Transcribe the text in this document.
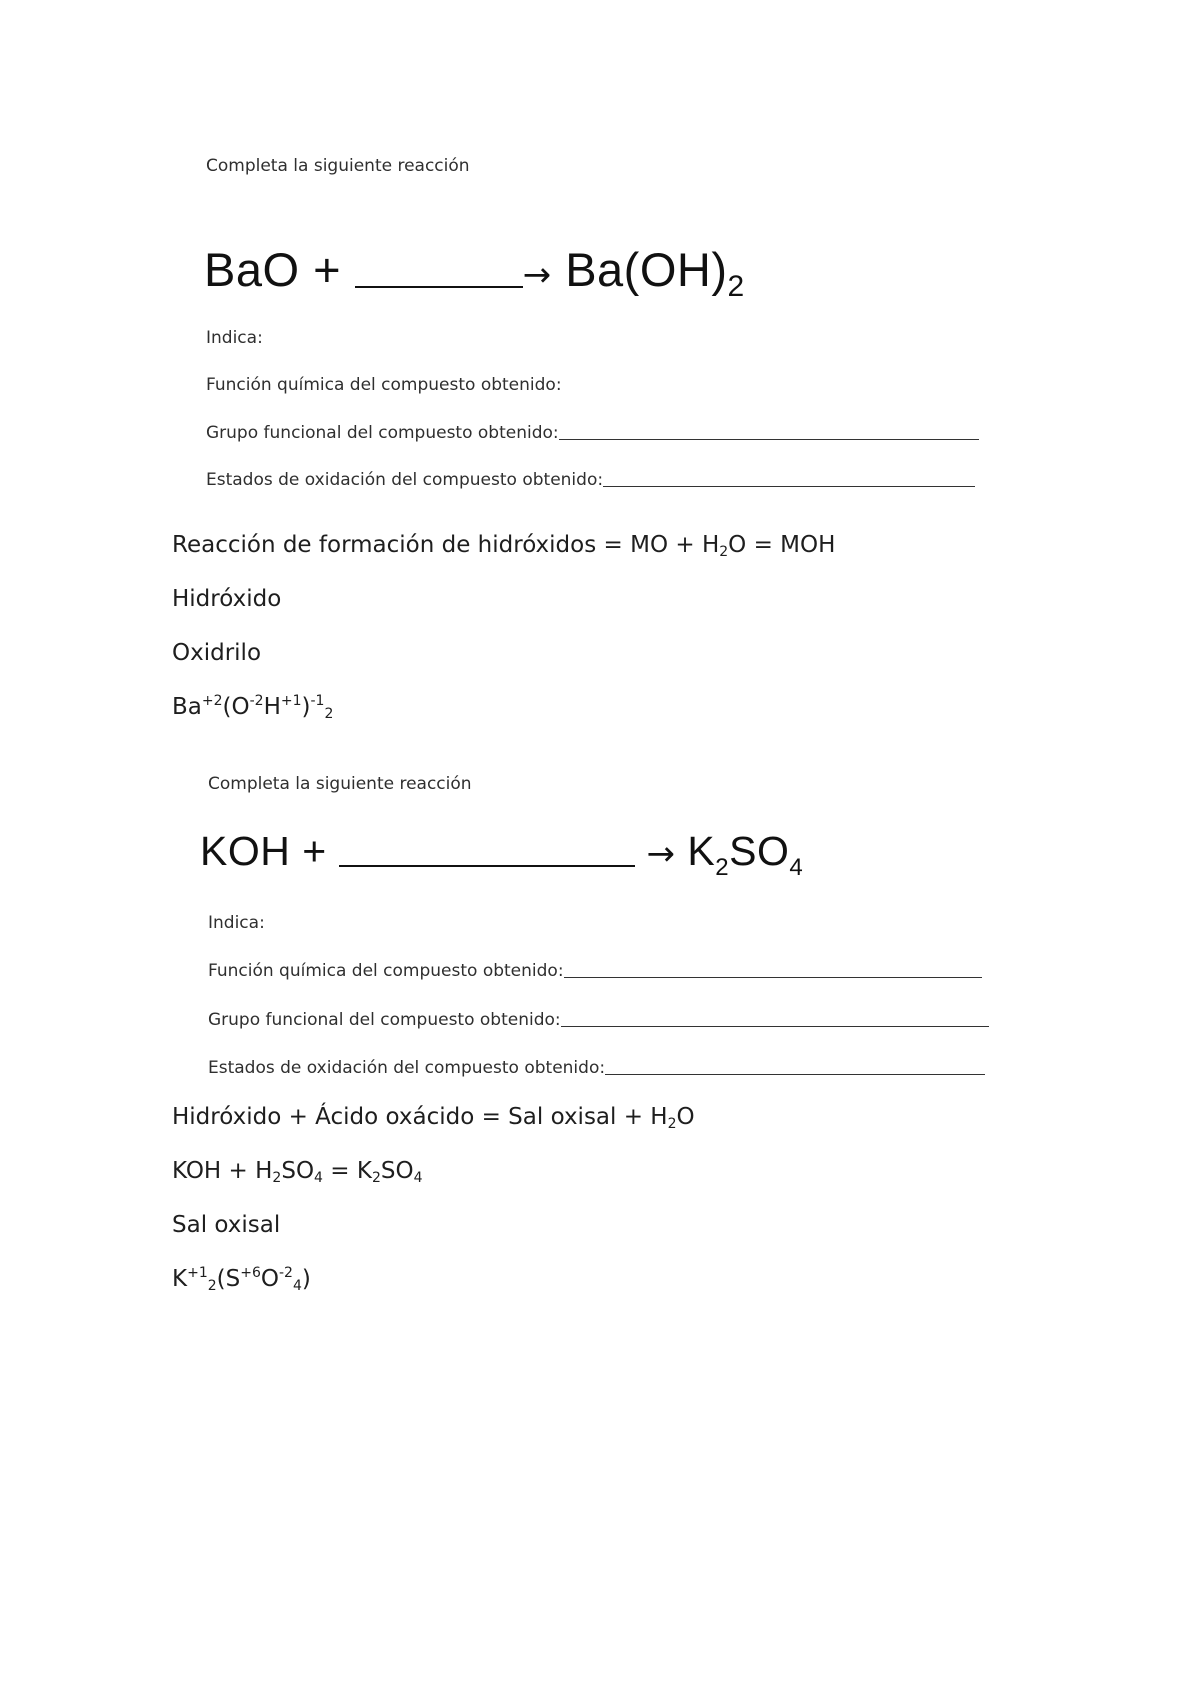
Completa la siguiente reacción
BaO +	→ $Ba(OH)_2$
Indica:
Función química del compuesto obtenido:
Grupo funcional del compuesto obtenido:
Estados de oxidación del compuesto obtenido:
Reacción de formación de hidróxidos = MO + $H_2O$ = MOH
Hidróxido
Oxidrilo
$Ba^{+2}(O^{-2}H^{+1})^{-1}_2$
Completa la siguiente reacción
KOH +	→ $K_2SO_4$
Indica:
Función química del compuesto obtenido:
Grupo funcional del compuesto obtenido:
Estados de oxidación del compuesto obtenido:
Hidróxido + Ácido oxácido = Sal oxisal + $H_2O$
KOH + $H_2SO_4 = K_2SO_4$
Sal oxisal
$K^{+1}_2(S^{+6}O^{-2}_4)$
